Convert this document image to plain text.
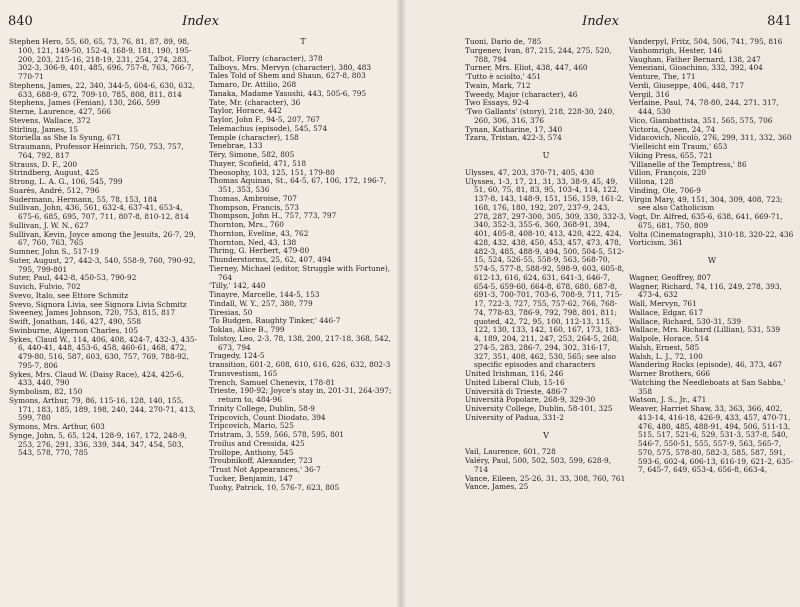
840	Index
Stephen Hero, 55, 60, 65, 73, 76, 81, 87, 89, 98, 100, 121, 149-50, 152-4, 168-9, 181, 190, 195-200, 203, 215-16, 218-19, 231, 254, 274, 283, 302-3, 306-9, 401, 485, 696, 757-8, 763, 766-7, 770-71
Stephens, James, 22, 340, 344-5, 604-6, 630, 632, 633, 688-9, 672, 709-10, 785, 808, 811, 814
Stephens, James (Fenian), 130, 266, 599
Sterne, Laurence, 427, 566
Stevens, Wallace, 372
Stirling, James, 15
Storiella as She Is Syung, 671
Straumann, Professor Heinrich, 750, 753, 757, 764, 792, 817
Strauss, D. F., 200
Strindberg, August, 425
Strong, L. A. G., 106, 545, 799
Suarès, André, 512, 796
Sudermann, Hermann, 55, 78, 153, 184
Sullivan, John, 436, 561, 632-4, 637-41, 653-4, 675-6, 685, 695, 707, 711, 807-8, 810-12, 814
Sullivan, J. W. N., 627
Sullivan, Kevin, Joyce among the Jesuits, 26-7, 29, 67, 760, 763, 765
Sumner, John S., 517-19
Suter, August, 27, 442-3, 540, 558-9, 760, 790-92, 795, 799-801
Suter, Paul, 442-8, 450-53, 790-92
Suvich, Fulvio, 702
Svevo, Italo, see Ettore Schmitz
Svevo, Signora Livia, see Signora Livia Schmitz
Sweeney, James Johnson, 720, 753, 815, 817
Swift, Jonathan, 146, 427, 490, 558
Swinburne, Algernon Charles, 105
Sykes, Claud W., 114, 406, 408, 424-7, 432-3, 435-6, 440-41, 448, 453-6, 458, 460-61, 468, 472, 479-80, 516, 587, 603, 630, 757, 769, 788-92, 795-7, 806
Sykes, Mrs. Claud W. (Daisy Race), 424, 425-6, 433, 440, 790
Symbolism, 82, 150
Symons, Arthur, 79, 86, 115-16, 128, 140, 155, 171, 183, 185, 189, 198, 240, 244, 270-71, 413, 599, 780
Symons, Mrs. Arthur, 603
Synge, John, 5, 65, 124, 128-9, 167, 172, 248-9, 253, 276, 291, 336, 339, 344, 347, 454, 503, 543, 578, 770, 785
T
Talbot, Florry (character), 378
Talboys, Mrs. Mervyn (character), 380, 483
Tales Told of Shem and Shaun, 627-8, 803
Tamaro, Dr. Attilio, 268
Tanaka, Madame Yasushi, 443, 505-6, 795
Tate, Mr. (character), 36
Taylor, Horace, 442
Taylor, John F., 94-5, 207, 767
Telemachus (episode), 545, 574
Temple (character), 158
Tenebrae, 133
Téry, Simone, 582, 805
Thayer, Scofield, 471, 518
Theosophy, 103, 125, 151, 179-80
Thomas Aquinas, St., 64-5, 67, 106, 172, 196-7, 351, 353, 536
Thomas, Ambroise, 707
Thompson, Francis, 573
Thompson, John H., 757, 773, 797
Thornton, Mrs., 760
Thornton, Eveline, 43, 762
Thornton, Ned, 43, 138
Thring, G. Herbert, 479-80
Thunderstorms, 25, 62, 407, 494
Tierney, Michael (editor, Struggle with Fortune), 764
'Tilly,' 142, 440
Tinayre, Marcelle, 144-5, 153
Tindall, W. Y., 257, 380, 779
Tiresias, 50
'To Budgen, Raughty Tinker,' 446-7
Toklas, Alice B., 799
Tolstoy, Leo, 2-3, 78, 138, 200, 217-18, 368, 542, 673, 794
Tragedy, 124-5
transition, 601-2, 608, 610, 616, 626, 632, 802-3
Transvestism, 165
Trench, Samuel Chenevix, 178-81
Trieste, 190-92; Joyce's stay in, 201-31, 264-397; return to, 484-96
Trinity College, Dublin, 58-9
Tripcovich, Count Diodato, 394
Tripcovich, Mario, 525
Tristram, 3, 559, 566, 578, 595, 801
Troilus and Cressida, 425
Trollope, Anthony, 545
Troubnikoff, Alexander, 723
'Trust Not Appearances,' 36-7
Tucker, Benjamin, 147
Tuohy, Patrick, 10, 576-7, 623, 805
841
Index
Tuoni, Dario de, 785
Turgenev, Ivan, 87, 215, 244, 275, 520, 788, 794
Turner, Mrs. Eliot, 438, 447, 460
'Tutto è sciolto,' 451
Twain, Mark, 712
Tweedy, Major (character), 46
Two Essays, 92-4
'Two Gallants' (story), 218, 228-30, 240, 260, 306, 316, 376
Tynan, Katharine, 17, 340
Tzara, Tristan, 422-3, 574
U
Ulysses, 47, 203, 370-71, 405, 430
Ulysses, 1-3, 17, 21, 31, 33, 38-9, 45, 49, 51, 60, 75, 81, 83, 95, 103-4, 114, 122, 137-8, 143, 148-9, 151, 156, 159, 161-2, 168, 176, 180, 192, 207, 237-9, 243, 278, 287, 297-300, 305, 309, 330, 332-3, 340, 352-3, 355-6, 360, 368-91, 394, 401, 405-8, 408-10, 413, 420, 422, 424, 428, 432, 438, 450, 453, 457, 473, 478, 482-3, 485, 488-9, 494, 500, 504-5, 512-15, 524, 526-55, 558-9, 563, 568-70, 574-5, 577-8, 588-92, 598-9, 603, 605-8, 612-13, 616, 624, 631, 641-3, 646-7, 654-5, 659-60, 664-8, 678, 680, 687-8, 691-3, 700-701, 703-6, 708-9, 711, 715-17, 722-3, 727, 755, 757-62, 766, 768-74, 778-83, 786-9, 792, 798, 801, 811; quoted, 42, 72, 95, 100, 112-13, 115, 122, 130, 133, 142, 160, 167, 173, 183-4, 189, 204, 211, 247, 253, 264-5, 268, 274-5, 283, 286-7, 294, 302, 316-17, 327, 351, 408, 462, 530, 565; see also specific episodes and characters
United Irishman, 116, 246
United Liberal Club, 15-16
Università di Trieste, 486-7
Università Popolare, 268-9, 329-30
University College, Dublin, 58-101, 325
University of Padua, 331-2
V
Vail, Laurence, 601, 728
Valéry, Paul, 500, 502, 503, 599, 628-9, 714
Vance, Eileen, 25-26, 31, 33, 308, 760, 761
Vance, James, 25
Vanderpyl, Fritz, 504, 506, 741, 795, 816
Vanhomrigh, Hester, 146
Vaughan, Father Bernard, 138, 247
Veneziani, Gioachino, 332, 392, 404
Venture, The, 171
Verdi, Giuseppe, 406, 448, 717
Vergil, 316
Verlaine, Paul, 74, 78-80, 244, 271, 317, 444, 530
Vico, Giambattista, 351, 565, 575, 706
Victoria, Queen, 24, 74
Vidacovich, Nicolò, 276, 299, 311, 332, 360
'Vielleicht ein Traum,' 653
Viking Press, 655, 721
'Villanelle of the Temptress,' 86
Villon, François, 220
Villona, 128
Vinding, Ole, 706-9
Virgin Mary, 49, 151, 304, 309, 408, 723; see also Catholicism
Vogt, Dr. Alfred, 635-6, 638, 641, 669-71, 675, 681, 750, 809
Volta (Cinematograph), 310-18, 320-22, 436
Vorticism, 361
W
Wagner, Geoffrey, 807
Wagner, Richard, 74, 116, 249, 278, 393, 473-4, 632
Wall, Mervyn, 761
Wallace, Edgar, 617
Wallace, Richard, 530-31, 539
Wallace, Mrs. Richard (Lillian), 531, 539
Walpole, Horace, 514
Walsh, Ernest, 585
Walsh, L. J., 72, 100
Wandering Rocks (episode), 46, 373, 467
Warner Brothers, 666
'Watching the Needleboats at San Sabba,' 358
Watson, J. S., Jr., 471
Weaver, Harriet Shaw, 33, 363, 366, 402, 413-14, 416-18, 426-9, 433, 457, 470-71, 476, 480, 485, 488-91, 494, 506, 511-13, 515, 517, 521-6, 529, 531-3, 537-8, 540, 546-7, 550-51, 555, 557-9, 563, 565-7, 570, 575, 578-80, 582-3, 585, 587, 591, 593-6, 602-4, 606-13, 616-19, 621-2, 635-7, 645-7, 649, 653-4, 656-8, 663-4,
